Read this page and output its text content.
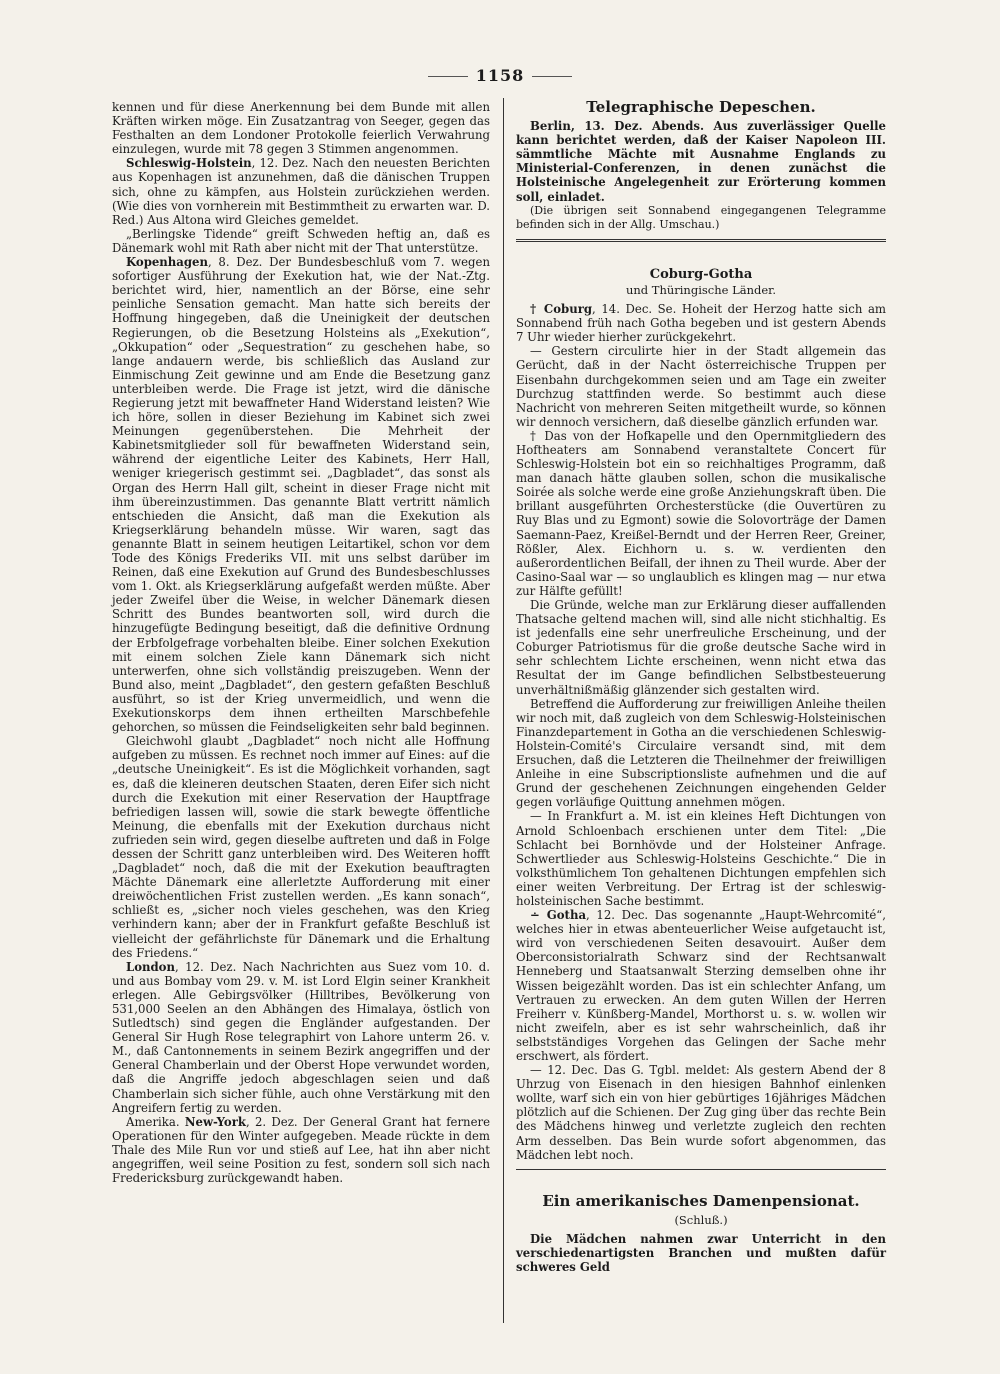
1158

kennen und für diese Anerkennung bei dem Bunde mit allen Kräften wirken möge. Ein Zusatzantrag von Seeger, gegen das Festhalten an dem Londoner Protokolle feierlich Verwahrung einzulegen, wurde mit 78 gegen 3 Stimmen angenommen.

Schleswig-Holstein, 12. Dez. Nach den neuesten Berichten aus Kopenhagen ist anzunehmen, daß die dänischen Truppen sich, ohne zu kämpfen, aus Holstein zurückziehen werden. (Wie dies von vornherein mit Bestimmtheit zu erwarten war. D. Red.) Aus Altona wird Gleiches gemeldet.

„Berlingske Tidende“ greift Schweden heftig an, daß es Dänemark wohl mit Rath aber nicht mit der That unterstütze.

Kopenhagen, 8. Dez. Der Bundesbeschluß vom 7. wegen sofortiger Ausführung der Exekution hat, wie der Nat.-Ztg. berichtet wird, hier, namentlich an der Börse, eine sehr peinliche Sensation gemacht. Man hatte sich bereits der Hoffnung hingegeben, daß die Uneinigkeit der deutschen Regierungen, ob die Besetzung Holsteins als „Exekution“, „Okkupation“ oder „Sequestration“ zu geschehen habe, so lange andauern werde, bis schließlich das Ausland zur Einmischung Zeit gewinne und am Ende die Besetzung ganz unterbleiben werde. Die Frage ist jetzt, wird die dänische Regierung jetzt mit bewaffneter Hand Widerstand leisten? Wie ich höre, sollen in dieser Beziehung im Kabinet sich zwei Meinungen gegenüberstehen. Die Mehrheit der Kabinetsmitglieder soll für bewaffneten Widerstand sein, während der eigentliche Leiter des Kabinets, Herr Hall, weniger kriegerisch gestimmt sei. „Dagbladet“, das sonst als Organ des Herrn Hall gilt, scheint in dieser Frage nicht mit ihm übereinzustimmen. Das genannte Blatt vertritt nämlich entschieden die Ansicht, daß man die Exekution als Kriegserklärung behandeln müsse. Wir waren, sagt das genannte Blatt in seinem heutigen Leitartikel, schon vor dem Tode des Königs Frederiks VII. mit uns selbst darüber im Reinen, daß eine Exekution auf Grund des Bundesbeschlusses vom 1. Okt. als Kriegserklärung aufgefaßt werden müßte. Aber jeder Zweifel über die Weise, in welcher Dänemark diesen Schritt des Bundes beantworten soll, wird durch die hinzugefügte Bedingung beseitigt, daß die definitive Ordnung der Erbfolgefrage vorbehalten bleibe. Einer solchen Exekution mit einem solchen Ziele kann Dänemark sich nicht unterwerfen, ohne sich vollständig preiszugeben. Wenn der Bund also, meint „Dagbladet“, den gestern gefaßten Beschluß ausführt, so ist der Krieg unvermeidlich, und wenn die Exekutionskorps dem ihnen ertheilten Marschbefehle gehorchen, so müssen die Feindseligkeiten sehr bald beginnen.

Gleichwohl glaubt „Dagbladet“ noch nicht alle Hoffnung aufgeben zu müssen. Es rechnet noch immer auf Eines: auf die „deutsche Uneinigkeit“. Es ist die Möglichkeit vorhanden, sagt es, daß die kleineren deutschen Staaten, deren Eifer sich nicht durch die Exekution mit einer Reservation der Hauptfrage befriedigen lassen will, sowie die stark bewegte öffentliche Meinung, die ebenfalls mit der Exekution durchaus nicht zufrieden sein wird, gegen dieselbe auftreten und daß in Folge dessen der Schritt ganz unterbleiben wird. Des Weiteren hofft „Dagbladet“ noch, daß die mit der Exekution beauftragten Mächte Dänemark eine allerletzte Aufforderung mit einer dreiwöchentlichen Frist zustellen werden. „Es kann sonach“, schließt es, „sicher noch vieles geschehen, was den Krieg verhindern kann; aber der in Frankfurt gefaßte Beschluß ist vielleicht der gefährlichste für Dänemark und die Erhaltung des Friedens.“

London, 12. Dez. Nach Nachrichten aus Suez vom 10. d. und aus Bombay vom 29. v. M. ist Lord Elgin seiner Krankheit erlegen. Alle Gebirgsvölker (Hilltribes, Bevölkerung von 531,000 Seelen an den Abhängen des Himalaya, östlich von Sutledtsch) sind gegen die Engländer aufgestanden. Der General Sir Hugh Rose telegraphirt von Lahore unterm 26. v. M., daß Cantonnements in seinem Bezirk angegriffen und der General Chamberlain und der Oberst Hope verwundet worden, daß die Angriffe jedoch abgeschlagen seien und daß Chamberlain sich sicher fühle, auch ohne Verstärkung mit den Angreifern fertig zu werden.

Amerika. New-York, 2. Dez. Der General Grant hat fernere Operationen für den Winter aufgegeben. Meade rückte in dem Thale des Mile Run vor und stieß auf Lee, hat ihn aber nicht angegriffen, weil seine Position zu fest, sondern soll sich nach Fredericksburg zurückgewandt haben.

Telegraphische Depeschen.

Berlin, 13. Dez. Abends. Aus zuverlässiger Quelle kann berichtet werden, daß der Kaiser Napoleon III. sämmtliche Mächte mit Ausnahme Englands zu Ministerial-Conferenzen, in denen zunächst die Holsteinische Angelegenheit zur Erörterung kommen soll, einladet.

(Die übrigen seit Sonnabend eingegangenen Telegramme befinden sich in der Allg. Umschau.)

Coburg-Gotha
und Thüringische Länder.

† Coburg, 14. Dec. Se. Hoheit der Herzog hatte sich am Sonnabend früh nach Gotha begeben und ist gestern Abends 7 Uhr wieder hierher zurückgekehrt.

— Gestern circulirte hier in der Stadt allgemein das Gerücht, daß in der Nacht österreichische Truppen per Eisenbahn durchgekommen seien und am Tage ein zweiter Durchzug stattfinden werde. So bestimmt auch diese Nachricht von mehreren Seiten mitgetheilt wurde, so können wir dennoch versichern, daß dieselbe gänzlich erfunden war.

† Das von der Hofkapelle und den Opernmitgliedern des Hoftheaters am Sonnabend veranstaltete Concert für Schleswig-Holstein bot ein so reichhaltiges Programm, daß man danach hätte glauben sollen, schon die musikalische Soirée als solche werde eine große Anziehungskraft üben. Die brillant ausgeführten Orchesterstücke (die Ouvertüren zu Ruy Blas und zu Egmont) sowie die Solovorträge der Damen Saemann-Paez, Kreißel-Berndt und der Herren Reer, Greiner, Rößler, Alex. Eichhorn u. s. w. verdienten den außerordentlichen Beifall, der ihnen zu Theil wurde. Aber der Casino-Saal war — so unglaublich es klingen mag — nur etwa zur Hälfte gefüllt!

Die Gründe, welche man zur Erklärung dieser auffallenden Thatsache geltend machen will, sind alle nicht stichhaltig. Es ist jedenfalls eine sehr unerfreuliche Erscheinung, und der Coburger Patriotismus für die große deutsche Sache wird in sehr schlechtem Lichte erscheinen, wenn nicht etwa das Resultat der im Gange befindlichen Selbstbesteuerung unverhältnißmäßig glänzender sich gestalten wird.

Betreffend die Aufforderung zur freiwilligen Anleihe theilen wir noch mit, daß zugleich von dem Schleswig-Holsteinischen Finanzdepartement in Gotha an die verschiedenen Schleswig-Holstein-Comité's Circulaire versandt sind, mit dem Ersuchen, daß die Letzteren die Theilnehmer der freiwilligen Anleihe in eine Subscriptionsliste aufnehmen und die auf Grund der geschehenen Zeichnungen eingehenden Gelder gegen vorläufige Quittung annehmen mögen.

— In Frankfurt a. M. ist ein kleines Heft Dichtungen von Arnold Schloenbach erschienen unter dem Titel: „Die Schlacht bei Bornhövde und der Holsteiner Anfrage. Schwertlieder aus Schleswig-Holsteins Geschichte.“ Die in volksthümlichem Ton gehaltenen Dichtungen empfehlen sich einer weiten Verbreitung. Der Ertrag ist der schleswig-holsteinischen Sache bestimmt.

∸ Gotha, 12. Dec. Das sogenannte „Haupt-Wehrcomité“, welches hier in etwas abenteuerlicher Weise aufgetaucht ist, wird von verschiedenen Seiten desavouirt. Außer dem Oberconsistorialrath Schwarz sind der Rechtsanwalt Henneberg und Staatsanwalt Sterzing demselben ohne ihr Wissen beigezählt worden. Das ist ein schlechter Anfang, um Vertrauen zu erwecken. An dem guten Willen der Herren Freiherr v. Künßberg-Mandel, Morthorst u. s. w. wollen wir nicht zweifeln, aber es ist sehr wahrscheinlich, daß ihr selbstständiges Vorgehen das Gelingen der Sache mehr erschwert, als fördert.

— 12. Dec. Das G. Tgbl. meldet: Als gestern Abend der 8 Uhrzug von Eisenach in den hiesigen Bahnhof einlenken wollte, warf sich ein von hier gebürtiges 16jähriges Mädchen plötzlich auf die Schienen. Der Zug ging über das rechte Bein des Mädchens hinweg und verletzte zugleich den rechten Arm desselben. Das Bein wurde sofort abgenommen, das Mädchen lebt noch.

Ein amerikanisches Damenpensionat.
(Schluß.)

Die Mädchen nahmen zwar Unterricht in den verschiedenartigsten Branchen und mußten dafür schweres Geld
